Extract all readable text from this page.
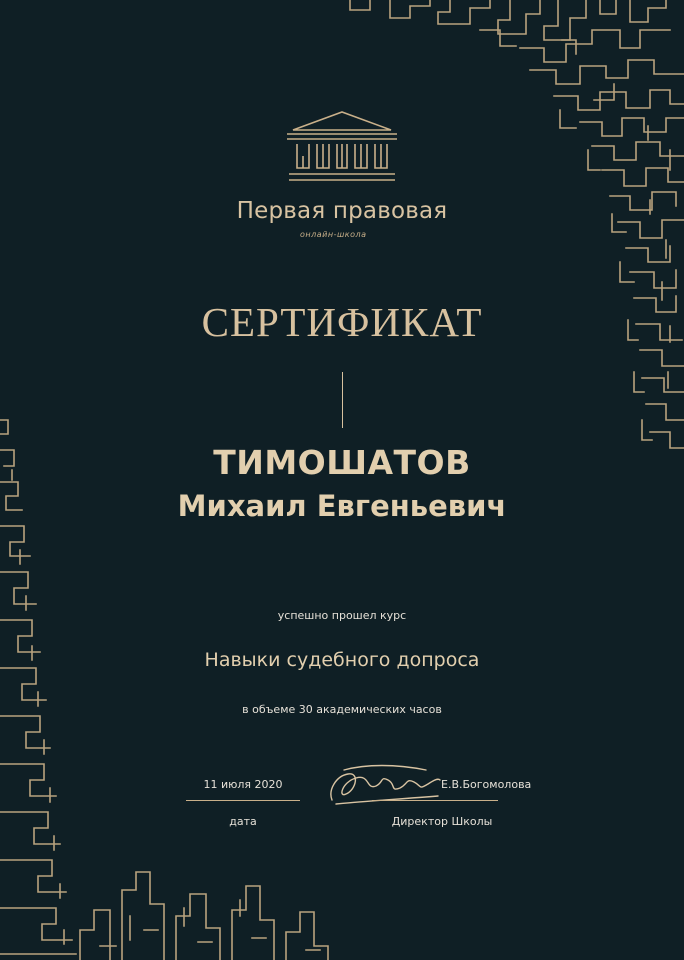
Первая правовая
онлайн-школа
СЕРТИФИКАТ
ТИМОШАТОВ
Михаил Евгеньевич
успешно прошел курс
Навыки судебного допроса
в объеме 30 академических часов
11 июля 2020
дата
Е.В.Богомолова
Директор Школы
